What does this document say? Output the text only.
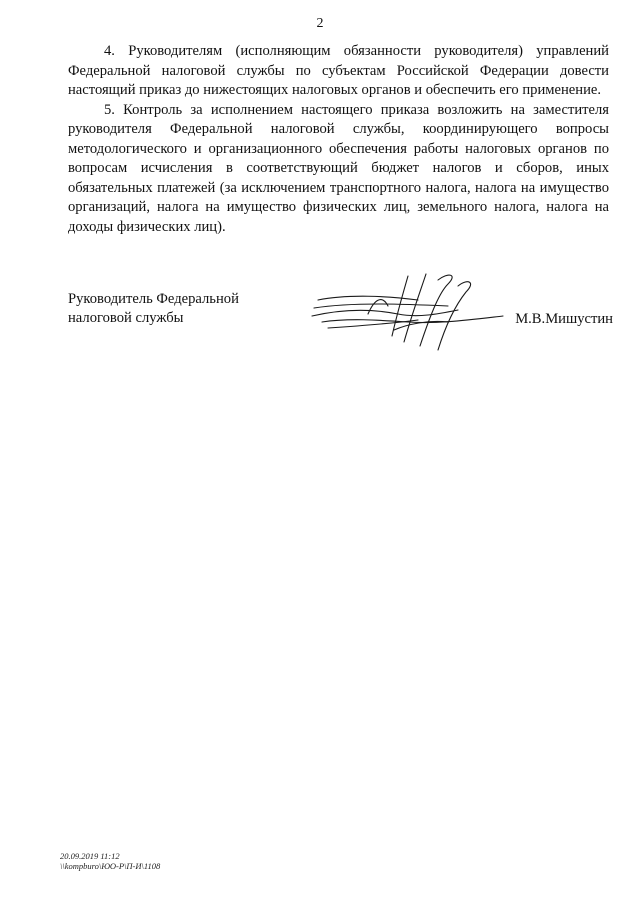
2

4. Руководителям (исполняющим обязанности руководителя) управлений Федеральной налоговой службы по субъектам Российской Федерации довести настоящий приказ до нижестоящих налоговых органов и обеспечить его применение.

5. Контроль за исполнением настоящего приказа возложить на заместителя руководителя Федеральной налоговой службы, координирующего вопросы методологического и организационного обеспечения работы налоговых органов по вопросам исчисления в соответствующий бюджет налогов и сборов, иных обязательных платежей (за исключением транспортного налога, налога на имущество организаций, налога на имущество физических лиц, земельного налога, налога на доходы физических лиц).

Руководитель Федеральной
налоговой службы	М.В.Мишустин
20.09.2019 11:12
\\kompburo\ЮО-Р\П-И\1108
